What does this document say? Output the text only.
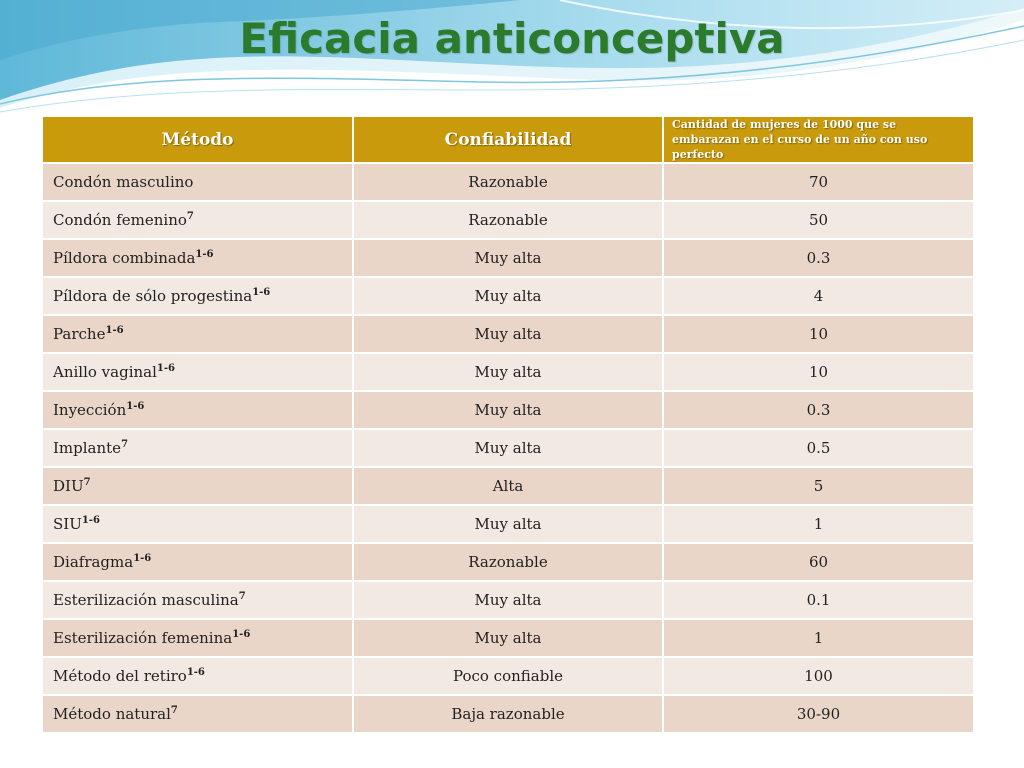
Eficacia anticonceptiva
Método	Confiabilidad	Cantidad de mujeres de 1000 que se embarazan en el curso de un año con uso perfecto
Condón masculino	Razonable	70
Condón femenino$^7$	Razonable	50
Píldora combinada$^{1-6}$	Muy alta	0.3
Píldora de sólo progestina$^{1-6}$	Muy alta	4
Parche$^{1-6}$	Muy alta	10
Anillo vaginal$^{1-6}$	Muy alta	10
Inyección$^{1-6}$	Muy alta	0.3
Implante$^7$	Muy alta	0.5
DIU$^7$	Alta	5
SIU$^{1-6}$	Muy alta	1
Diafragma$^{1-6}$	Razonable	60
Esterilización masculina$^7$	Muy alta	0.1
Esterilización femenina$^{1-6}$	Muy alta	1
Método del retiro$^{1-6}$	Poco confiable	100
Método natural$^7$	Baja razonable	30-90
